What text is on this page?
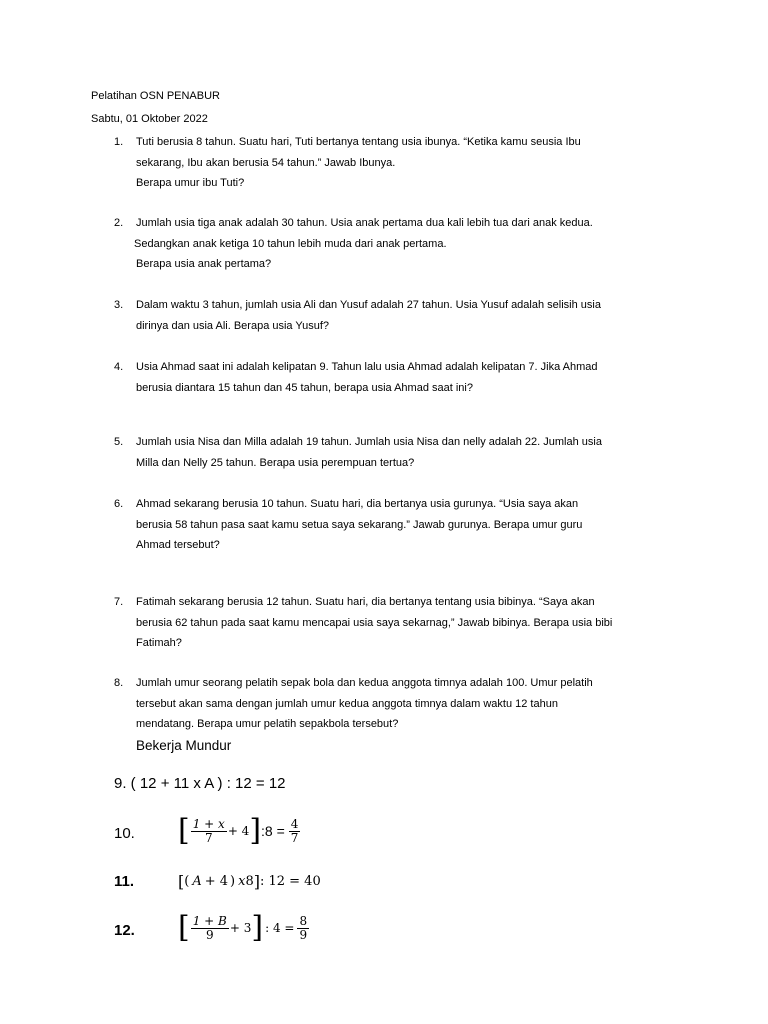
Pelatihan OSN PENABUR
Sabtu, 01 Oktober 2022
1.	Tuti berusia 8 tahun. Suatu hari, Tuti bertanya tentang usia ibunya. “Ketika kamu seusia Ibu
sekarang, Ibu akan berusia 54 tahun.” Jawab Ibunya.
Berapa umur ibu Tuti?
2.	Jumlah usia tiga anak adalah 30 tahun. Usia anak pertama dua kali lebih tua dari anak kedua.
Sedangkan anak ketiga 10 tahun lebih muda dari anak pertama.
Berapa usia anak pertama?
3.	Dalam waktu 3 tahun, jumlah usia Ali dan Yusuf adalah 27 tahun. Usia Yusuf adalah selisih usia
dirinya dan usia Ali. Berapa usia Yusuf?
4.	Usia Ahmad saat ini adalah kelipatan 9. Tahun lalu usia Ahmad adalah kelipatan 7. Jika Ahmad
berusia diantara 15 tahun dan 45 tahun, berapa usia Ahmad saat ini?
5.	Jumlah usia Nisa dan Milla adalah 19 tahun. Jumlah usia Nisa dan nelly adalah 22. Jumlah usia
Milla dan Nelly 25 tahun. Berapa usia perempuan tertua?
6.	Ahmad sekarang berusia 10 tahun. Suatu hari, dia bertanya usia gurunya. “Usia saya akan
berusia 58 tahun pasa saat kamu setua saya sekarang.” Jawab gurunya. Berapa umur guru
Ahmad tersebut?
7.	Fatimah sekarang berusia 12 tahun. Suatu hari, dia bertanya tentang usia bibinya. “Saya akan
berusia 62 tahun pada saat kamu mencapai usia saya sekarnag,” Jawab bibinya. Berapa usia bibi
Fatimah?
8.	Jumlah umur seorang pelatih sepak bola dan kedua anggota timnya adalah 100. Umur pelatih
tersebut akan sama dengan jumlah umur kedua anggota timnya dalam waktu 12 tahun
mendatang. Berapa umur pelatih sepakbola tersebut?
Bekerja Mundur
9. ( 12 + 11 x A ) : 12 = 12
10. [ $\frac{1 + x}{7} + 4$ ] :8 = $\frac{4}{7}$
11.	[ ( A + 4 ) x 8 ] : 12 = 40
12. [ $\frac{1 + B}{9} + 3$ ] : $4 = \frac{8}{9}$
